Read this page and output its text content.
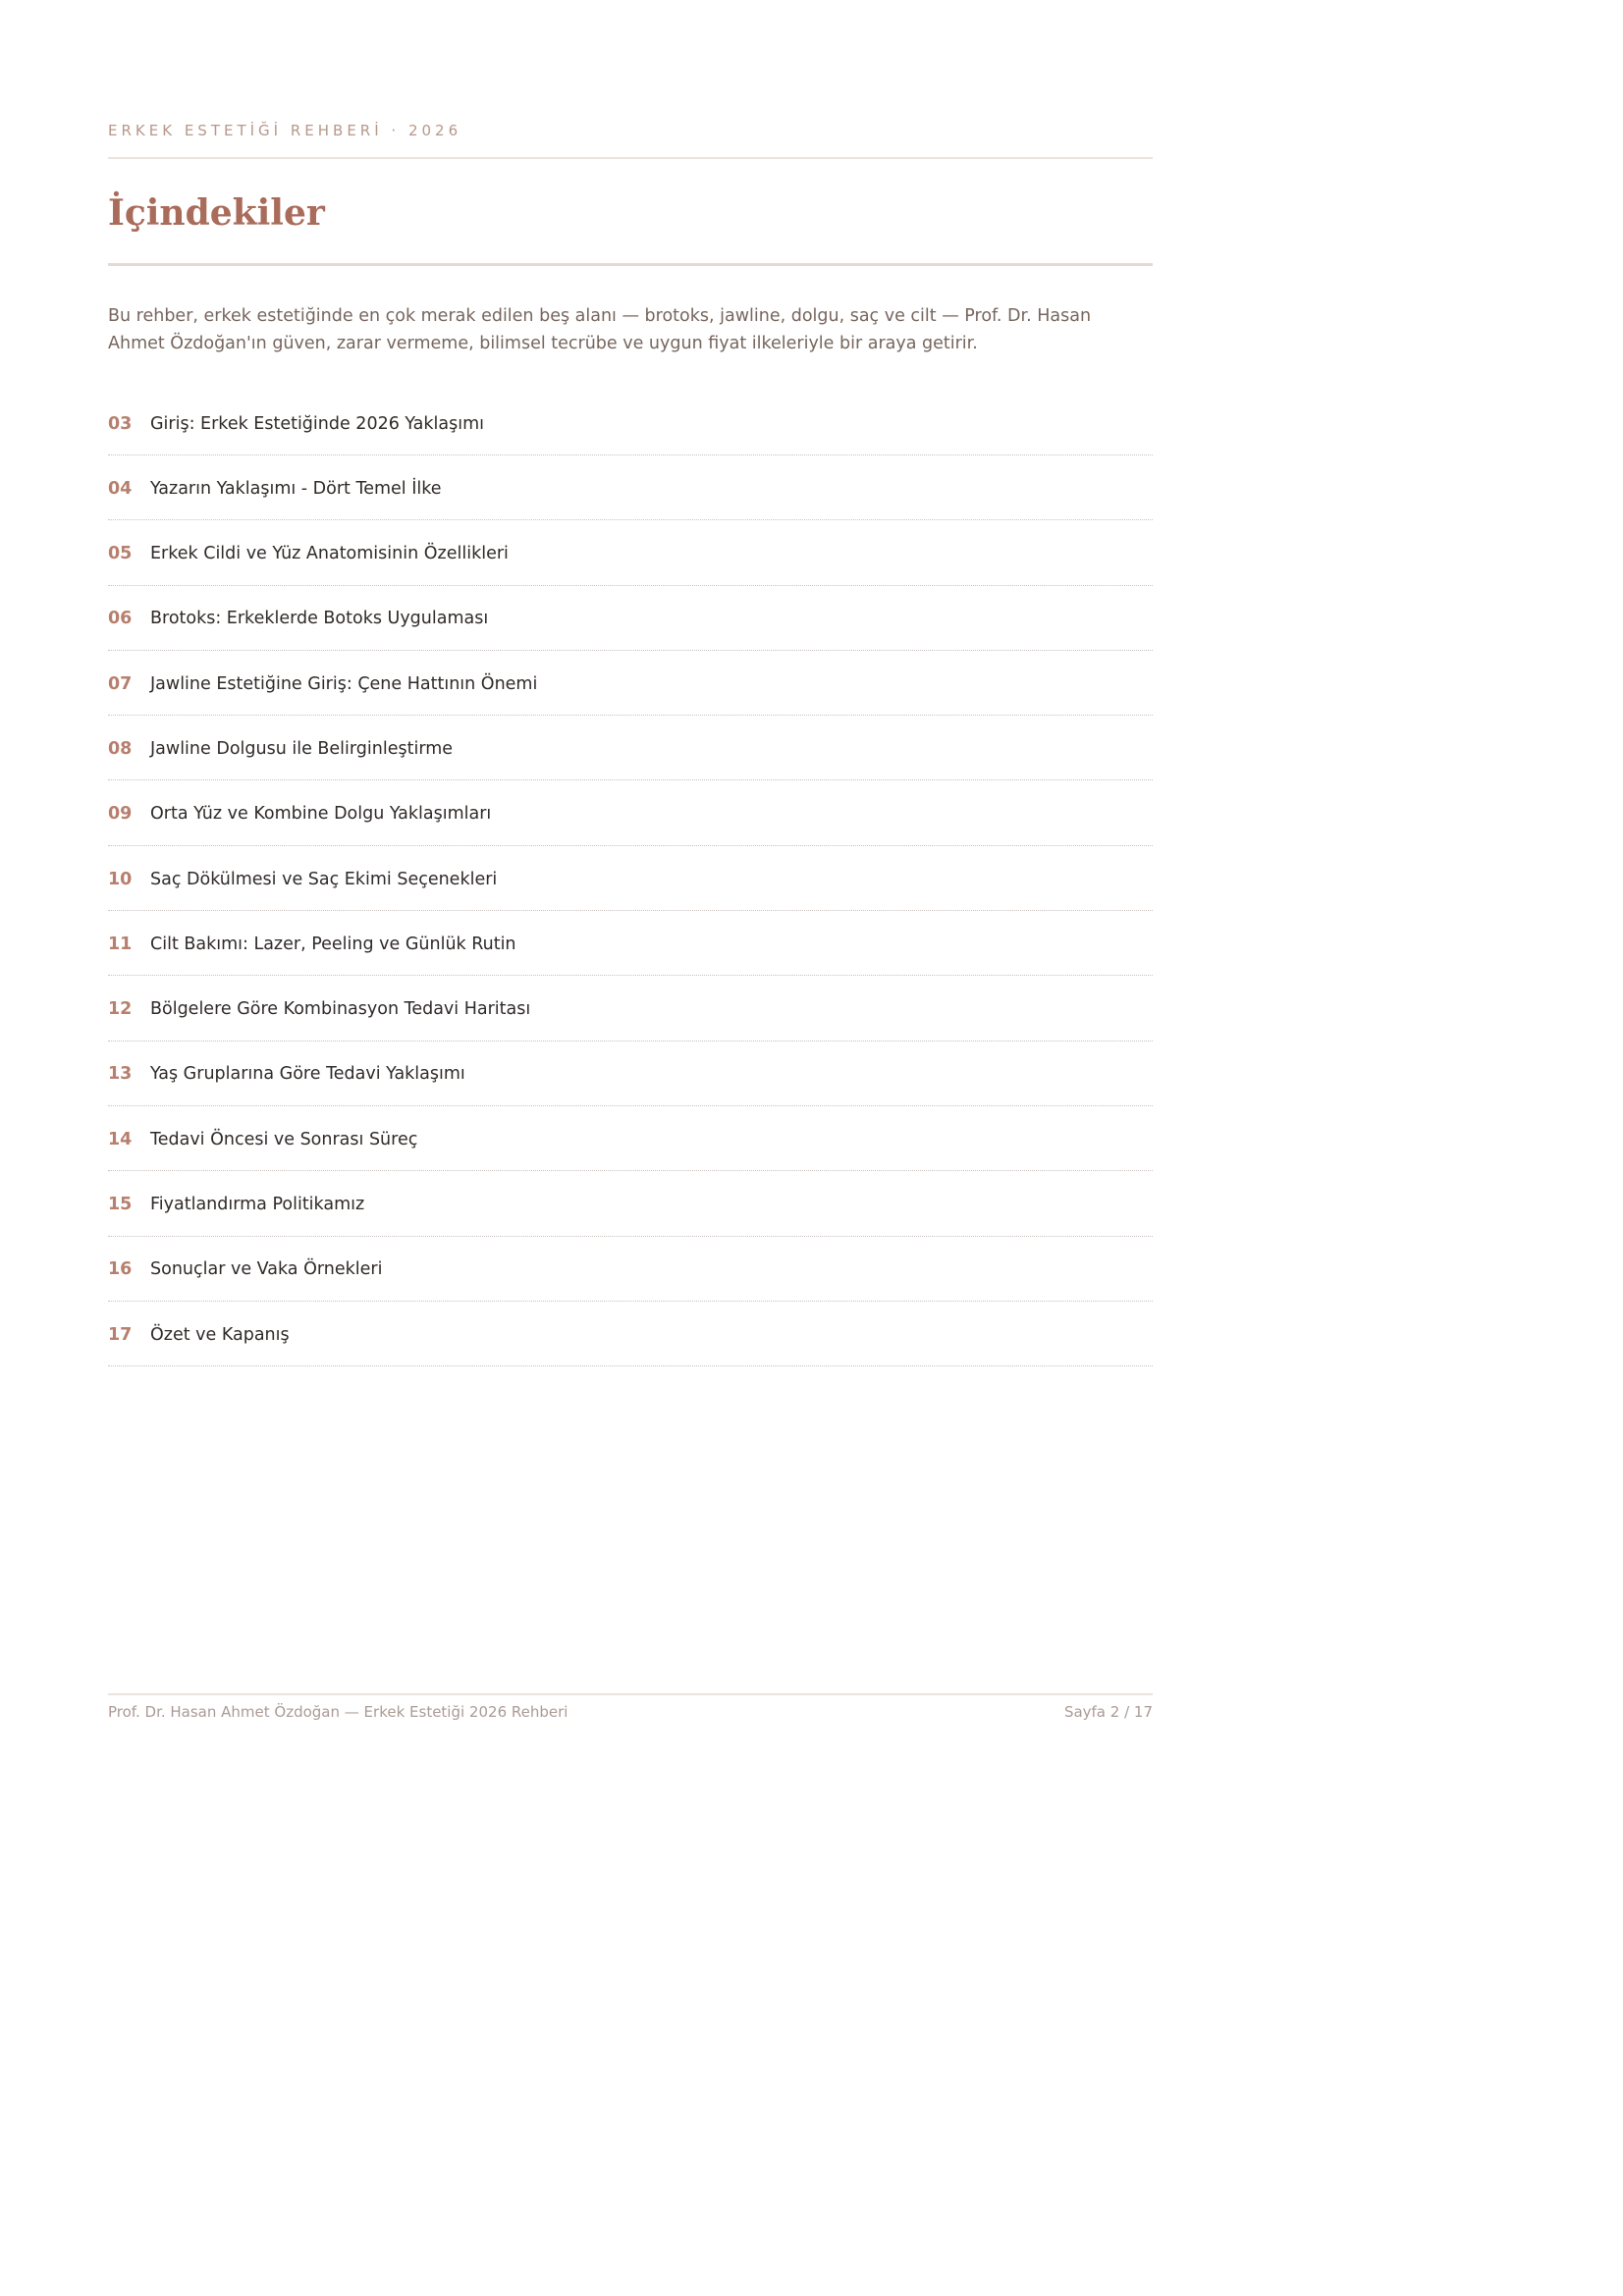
ERKEK ESTETİĞİ REHBERİ · 2026
İçindekiler

Bu rehber, erkek estetiğinde en çok merak edilen beş alanı — brotoks, jawline, dolgu, saç ve cilt — Prof. Dr. Hasan Ahmet Özdoğan'ın güven, zarar vermeme, bilimsel tecrübe ve uygun fiyat ilkeleriyle bir araya getirir.

03	Giriş: Erkek Estetiğinde 2026 Yaklaşımı
04	Yazarın Yaklaşımı - Dört Temel İlke
05	Erkek Cildi ve Yüz Anatomisinin Özellikleri
06	Brotoks: Erkeklerde Botoks Uygulaması
07	Jawline Estetiğine Giriş: Çene Hattının Önemi
08	Jawline Dolgusu ile Belirginleştirme
09	Orta Yüz ve Kombine Dolgu Yaklaşımları
10	Saç Dökülmesi ve Saç Ekimi Seçenekleri
11	Cilt Bakımı: Lazer, Peeling ve Günlük Rutin
12	Bölgelere Göre Kombinasyon Tedavi Haritası
13	Yaş Gruplarına Göre Tedavi Yaklaşımı
14	Tedavi Öncesi ve Sonrası Süreç
15	Fiyatlandırma Politikamız
16	Sonuçlar ve Vaka Örnekleri
17	Özet ve Kapanış
Prof. Dr. Hasan Ahmet Özdoğan — Erkek Estetiği 2026 Rehberi	Sayfa 2 / 17
